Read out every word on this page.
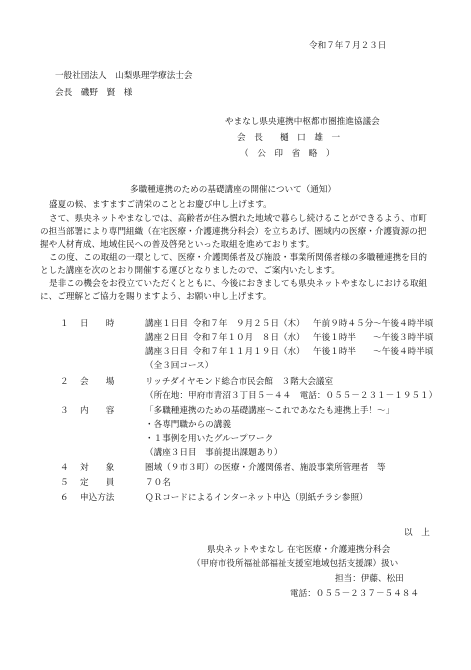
令和７年７月２３日
一般社団法人　山梨県理学療法士会
会長　磯野　賢　様
やまなし県央連携中枢都市圏推進協議会
会　長　　樋　口　雄　一
（　公　印　省　略　）
多職種連携のための基礎講座の開催について（通知）
盛夏の候、ますますご清栄のこととお慶び申し上げます。
さて、県央ネットやまなしでは、高齢者が住み慣れた地域で暮らし続けることができるよう、市町の担当部署により専門組織（在宅医療・介護連携分科会）を立ちあげ、圏域内の医療・介護資源の把握や人材育成、地域住民への普及啓発といった取組を進めております。
この度、この取組の一環として、医療・介護関係者及び施設・事業所関係者様の多職種連携を目的とした講座を次のとおり開催する運びとなりましたので、ご案内いたします。
是非この機会をお役立ていただくとともに、今後におきましても県央ネットやまなしにおける取組に、ご理解とご協力を賜りますよう、お願い申し上げます。
１ 日　　時	講座１日目 令和７年　９月２５日（木） 午前９時４５分～午後４時半頃
講座２日目 令和７年１０月　８日（水） 午後１時半　　～午後３時半頃
講座３日目 令和７年１１月１９日（水） 午後１時半　　～午後４時半頃
（全３回コース）
２ 会　　場	リッチダイヤモンド総合市民会館　３階大会議室
（所在地：甲府市青沼３丁目５－４４　電話：０５５－２３１－１９５１）
３ 内　　容	「多職種連携のための基礎講座～これであなたも連携上手！～」
・各専門職からの講義
・１事例を用いたグループワーク
（講座３日目　事前提出課題あり）
４ 対　　象	圏域（９市３町）の医療・介護関係者、施設事業所管理者　等
５ 定　　員	７０名
６ 申込方法	ＱＲコードによるインターネット申込（別紙チラシ参照）
以　上
県央ネットやまなし 在宅医療・介護連携分科会
（甲府市役所福祉部福祉支援室地域包括支援課）扱い
担当：伊藤、松田
電話：０５５－２３７－５４８４
